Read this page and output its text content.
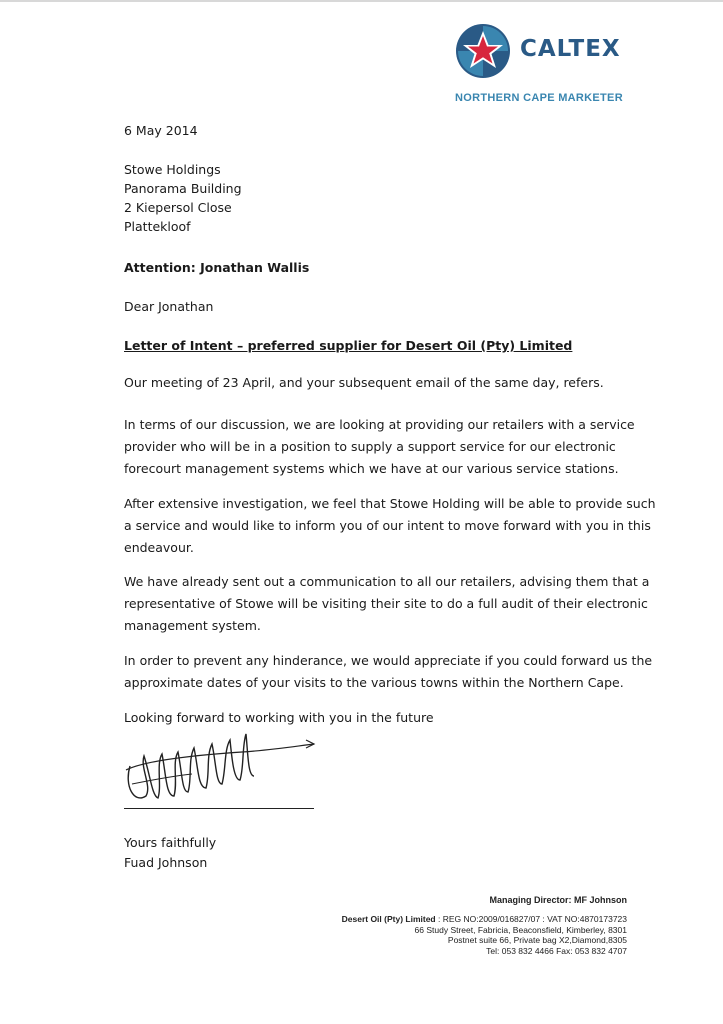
CALTEX
NORTHERN CAPE MARKETER
6 May 2014
Stowe Holdings
Panorama Building
2 Kiepersol Close
Plattekloof
Attention: Jonathan Wallis
Dear Jonathan
Letter of Intent – preferred supplier for Desert Oil (Pty) Limited
Our meeting of 23 April, and your subsequent email of the same day, refers.
In terms of our discussion, we are looking at providing our retailers with a service
provider who will be in a position to supply a support service for our electronic
forecourt management systems which we have at our various service stations.
After extensive investigation, we feel that Stowe Holding will be able to provide such
a service and would like to inform you of our intent to move forward with you in this
endeavour.
We have already sent out a communication to all our retailers, advising them that a
representative of Stowe will be visiting their site to do a full audit of their electronic
management system.
In order to prevent any hinderance, we would appreciate if you could forward us the
approximate dates of your visits to the various towns within the Northern Cape.
Looking forward to working with you in the future
Yours faithfully
Fuad Johnson
Managing Director: MF Johnson
Desert Oil (Pty) Limited : REG NO:2009/016827/07 : VAT NO:4870173723
66 Study Street, Fabricia, Beaconsfield, Kimberley, 8301
Postnet suite 66, Private bag X2,Diamond,8305
Tel: 053 832 4466 Fax: 053 832 4707
